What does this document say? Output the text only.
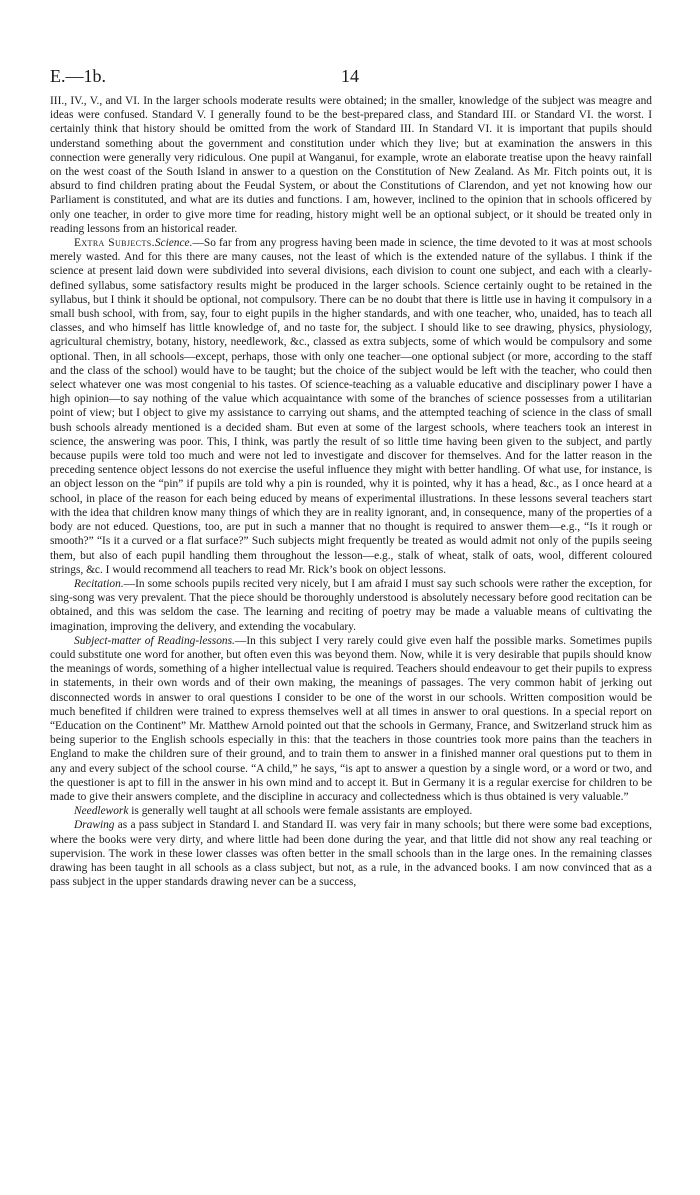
E.—1b.	14

III., IV., V., and VI. In the larger schools moderate results were obtained; in the smaller, knowledge of the subject was meagre and ideas were confused. Standard V. I generally found to be the best-prepared class, and Standard III. or Standard VI. the worst. I certainly think that history should be omitted from the work of Standard III. In Standard VI. it is important that pupils should understand something about the government and constitution under which they live; but at examination the answers in this connection were generally very ridiculous. One pupil at Wanganui, for example, wrote an elaborate treatise upon the heavy rainfall on the west coast of the South Island in answer to a question on the Constitution of New Zealand. As Mr. Fitch points out, it is absurd to find children prating about the Feudal System, or about the Constitutions of Clarendon, and yet not knowing how our Parliament is constituted, and what are its duties and functions. I am, however, inclined to the opinion that in schools officered by only one teacher, in order to give more time for reading, history might well be an optional subject, or it should be treated only in reading lessons from an historical reader.

Extra Subjects.Science.—So far from any progress having been made in science, the time devoted to it was at most schools merely wasted. And for this there are many causes, not the least of which is the extended nature of the syllabus. I think if the science at present laid down were subdivided into several divisions, each division to count one subject, and each with a clearly-defined syllabus, some satisfactory results might be produced in the larger schools. Science certainly ought to be retained in the syllabus, but I think it should be optional, not compulsory. There can be no doubt that there is little use in having it compulsory in a small bush school, with from, say, four to eight pupils in the higher standards, and with one teacher, who, unaided, has to teach all classes, and who himself has little knowledge of, and no taste for, the subject. I should like to see drawing, physics, physiology, agricultural chemistry, botany, history, needlework, &c., classed as extra subjects, some of which would be compulsory and some optional. Then, in all schools—except, perhaps, those with only one teacher—one optional subject (or more, according to the staff and the class of the school) would have to be taught; but the choice of the subject would be left with the teacher, who could then select whatever one was most congenial to his tastes. Of science-teaching as a valuable educative and disciplinary power I have a high opinion—to say nothing of the value which acquaintance with some of the branches of science possesses from a utilitarian point of view; but I object to give my assistance to carrying out shams, and the attempted teaching of science in the class of small bush schools already mentioned is a decided sham. But even at some of the largest schools, where teachers took an interest in science, the answering was poor. This, I think, was partly the result of so little time having been given to the subject, and partly because pupils were told too much and were not led to investigate and discover for themselves. And for the latter reason in the preceding sentence object lessons do not exercise the useful influence they might with better handling. Of what use, for instance, is an object lesson on the “pin” if pupils are told why a pin is rounded, why it is pointed, why it has a head, &c., as I once heard at a school, in place of the reason for each being educed by means of experimental illustrations. In these lessons several teachers start with the idea that children know many things of which they are in reality ignorant, and, in consequence, many of the properties of a body are not educed. Questions, too, are put in such a manner that no thought is required to answer them—e.g., “Is it rough or smooth?” “Is it a curved or a flat surface?” Such subjects might frequently be treated as would admit not only of the pupils seeing them, but also of each pupil handling them throughout the lesson—e.g., stalk of wheat, stalk of oats, wool, different coloured strings, &c. I would recommend all teachers to read Mr. Rick’s book on object lessons.

Recitation.—In some schools pupils recited very nicely, but I am afraid I must say such schools were rather the exception, for sing-song was very prevalent. That the piece should be thoroughly understood is absolutely necessary before good recitation can be obtained, and this was seldom the case. The learning and reciting of poetry may be made a valuable means of cultivating the imagination, improving the delivery, and extending the vocabulary.

Subject-matter of Reading-lessons.—In this subject I very rarely could give even half the possible marks. Sometimes pupils could substitute one word for another, but often even this was beyond them. Now, while it is very desirable that pupils should know the meanings of words, something of a higher intellectual value is required. Teachers should endeavour to get their pupils to express in statements, in their own words and of their own making, the meanings of passages. The very common habit of jerking out disconnected words in answer to oral questions I consider to be one of the worst in our schools. Written composition would be much benefited if children were trained to express themselves well at all times in answer to oral questions. In a special report on “Education on the Continent” Mr. Matthew Arnold pointed out that the schools in Germany, France, and Switzerland struck him as being superior to the English schools especially in this: that the teachers in those countries took more pains than the teachers in England to make the children sure of their ground, and to train them to answer in a finished manner oral questions put to them in any and every subject of the school course. “A child,” he says, “is apt to answer a question by a single word, or a word or two, and the questioner is apt to fill in the answer in his own mind and to accept it. But in Germany it is a regular exercise for children to be made to give their answers complete, and the discipline in accuracy and collectedness which is thus obtained is very valuable.”

Needlework is generally well taught at all schools were female assistants are employed.

Drawing as a pass subject in Standard I. and Standard II. was very fair in many schools; but there were some bad exceptions, where the books were very dirty, and where little had been done during the year, and that little did not show any real teaching or supervision. The work in these lower classes was often better in the small schools than in the large ones. In the remaining classes drawing has been taught in all schools as a class subject, but not, as a rule, in the advanced books. I am now convinced that as a pass subject in the upper standards drawing never can be a success,
